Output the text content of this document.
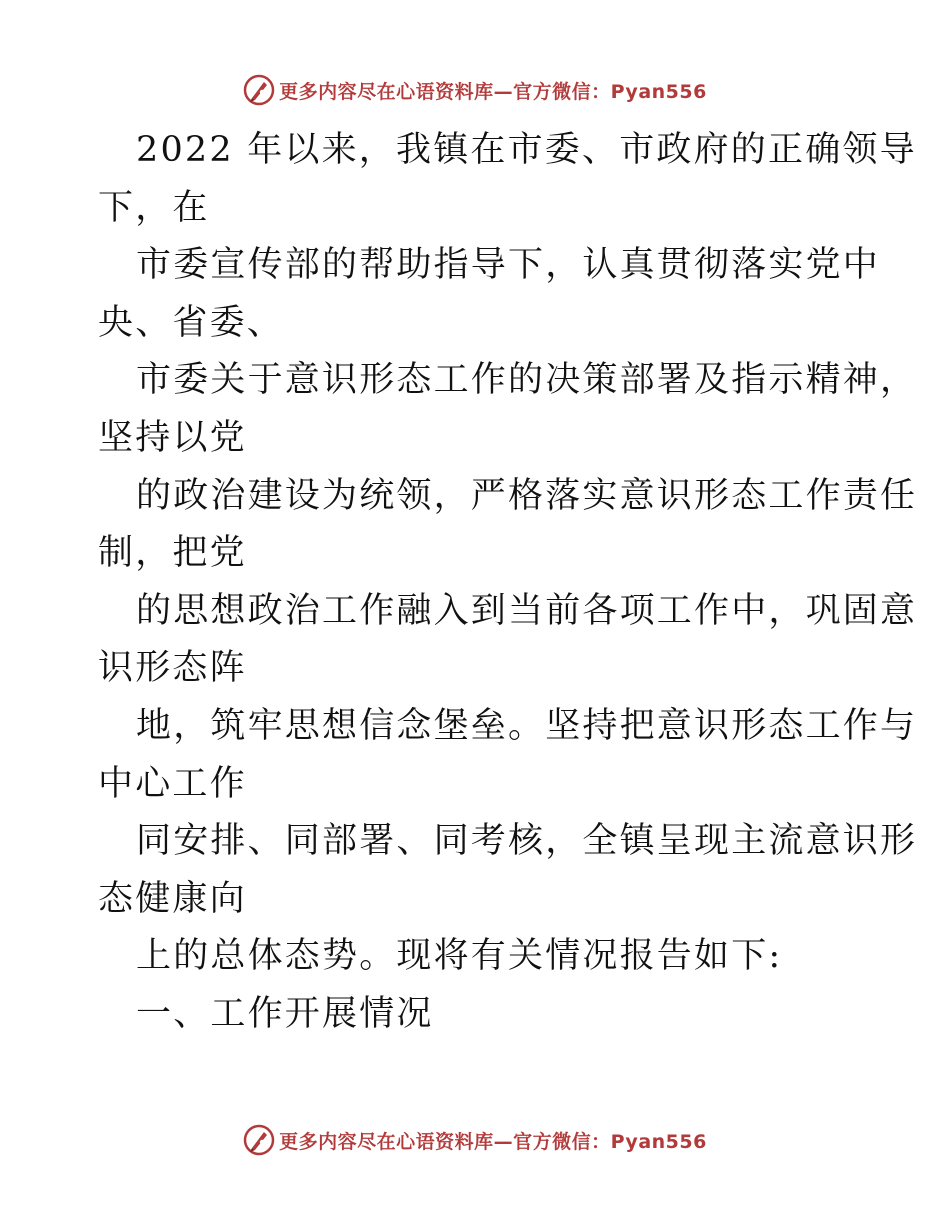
更多内容尽在心语资料库—官方微信：Pyan556
2022 年以来，我镇在市委、市政府的正确领导
下，在
市委宣传部的帮助指导下，认真贯彻落实党中
央、省委、
市委关于意识形态工作的决策部署及指示精神，
坚持以党
的政治建设为统领，严格落实意识形态工作责任
制，把党
的思想政治工作融入到当前各项工作中，巩固意
识形态阵
地，筑牢思想信念堡垒。坚持把意识形态工作与
中心工作
同安排、同部署、同考核，全镇呈现主流意识形
态健康向
上的总体态势。现将有关情况报告如下:
一、工作开展情况
更多内容尽在心语资料库—官方微信：Pyan556
